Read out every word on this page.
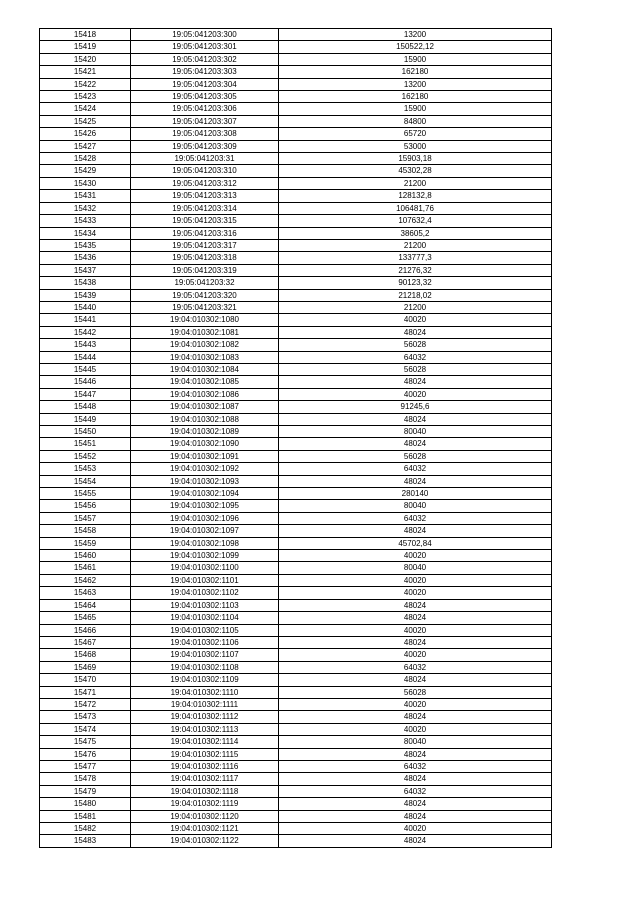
15418	19:05:041203:300	13200
15419	19:05:041203:301	150522,12
15420	19:05:041203:302	15900
15421	19:05:041203:303	162180
15422	19:05:041203:304	13200
15423	19:05:041203:305	162180
15424	19:05:041203:306	15900
15425	19:05:041203:307	84800
15426	19:05:041203:308	65720
15427	19:05:041203:309	53000
15428	19:05:041203:31	15903,18
15429	19:05:041203:310	45302,28
15430	19:05:041203:312	21200
15431	19:05:041203:313	128132,8
15432	19:05:041203:314	106481,76
15433	19:05:041203:315	107632,4
15434	19:05:041203:316	38605,2
15435	19:05:041203:317	21200
15436	19:05:041203:318	133777,3
15437	19:05:041203:319	21276,32
15438	19:05:041203:32	90123,32
15439	19:05:041203:320	21218,02
15440	19:05:041203:321	21200
15441	19:04:010302:1080	40020
15442	19:04:010302:1081	48024
15443	19:04:010302:1082	56028
15444	19:04:010302:1083	64032
15445	19:04:010302:1084	56028
15446	19:04:010302:1085	48024
15447	19:04:010302:1086	40020
15448	19:04:010302:1087	91245,6
15449	19:04:010302:1088	48024
15450	19:04:010302:1089	80040
15451	19:04:010302:1090	48024
15452	19:04:010302:1091	56028
15453	19:04:010302:1092	64032
15454	19:04:010302:1093	48024
15455	19:04:010302:1094	280140
15456	19:04:010302:1095	80040
15457	19:04:010302:1096	64032
15458	19:04:010302:1097	48024
15459	19:04:010302:1098	45702,84
15460	19:04:010302:1099	40020
15461	19:04:010302:1100	80040
15462	19:04:010302:1101	40020
15463	19:04:010302:1102	40020
15464	19:04:010302:1103	48024
15465	19:04:010302:1104	48024
15466	19:04:010302:1105	40020
15467	19:04:010302:1106	48024
15468	19:04:010302:1107	40020
15469	19:04:010302:1108	64032
15470	19:04:010302:1109	48024
15471	19:04:010302:1110	56028
15472	19:04:010302:1111	40020
15473	19:04:010302:1112	48024
15474	19:04:010302:1113	40020
15475	19:04:010302:1114	80040
15476	19:04:010302:1115	48024
15477	19:04:010302:1116	64032
15478	19:04:010302:1117	48024
15479	19:04:010302:1118	64032
15480	19:04:010302:1119	48024
15481	19:04:010302:1120	48024
15482	19:04:010302:1121	40020
15483	19:04:010302:1122	48024
